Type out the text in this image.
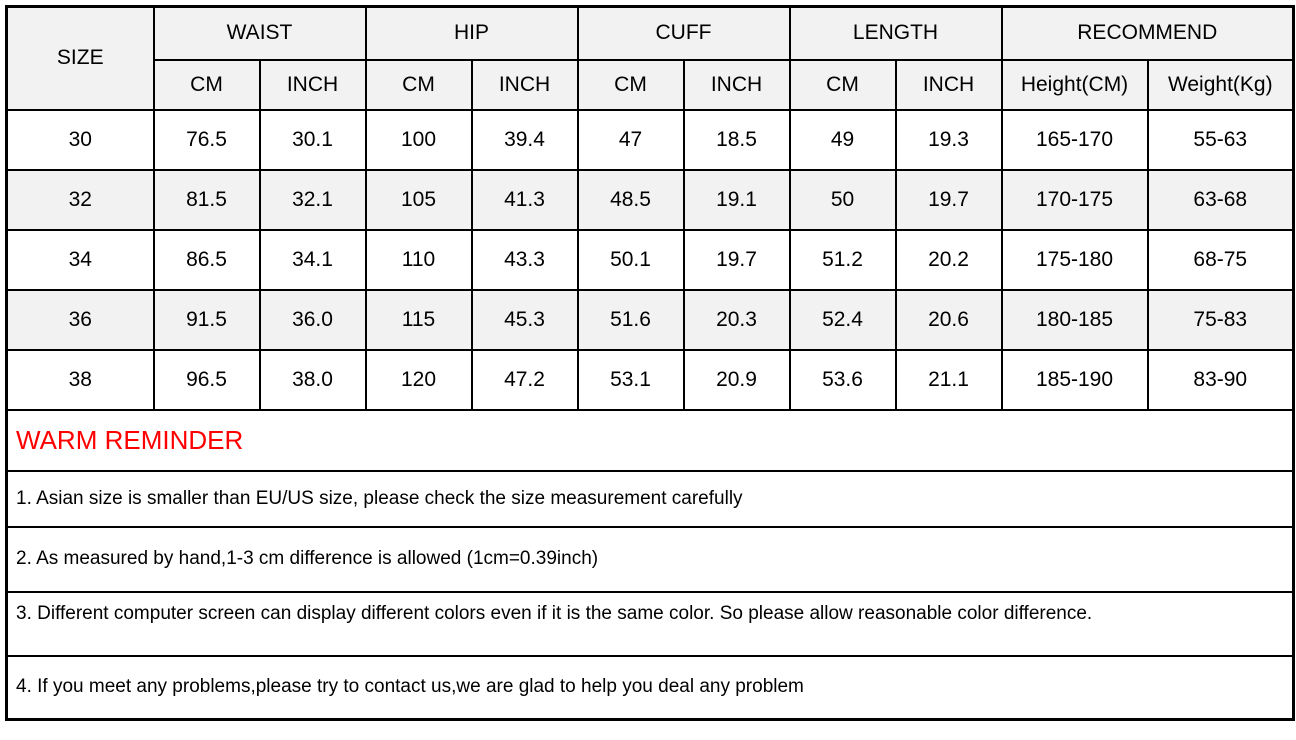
SIZE	WAIST		HIP		CUFF		LENGTH		RECOMMEND	
	CM	INCH	CM	INCH	CM	INCH	CM	INCH	Height(CM)	Weight(Kg)
30	76.5	30.1	100	39.4	47	18.5	49	19.3	165-170	55-63
32	81.5	32.1	105	41.3	48.5	19.1	50	19.7	170-175	63-68
34	86.5	34.1	110	43.3	50.1	19.7	51.2	20.2	175-180	68-75
36	91.5	36.0	115	45.3	51.6	20.3	52.4	20.6	180-185	75-83
38	96.5	38.0	120	47.2	53.1	20.9	53.6	21.1	185-190	83-90
WARM REMINDER										
1. Asian size is smaller than EU/US size, please check the size measurement carefully										
2. As measured by hand,1-3 cm difference is allowed (1cm=0.39inch)										
3. Different computer screen can display different colors even if it is the same color. So please allow reasonable color difference.										
4. If you meet any problems,please try to contact us,we are glad to help you deal any problem										
